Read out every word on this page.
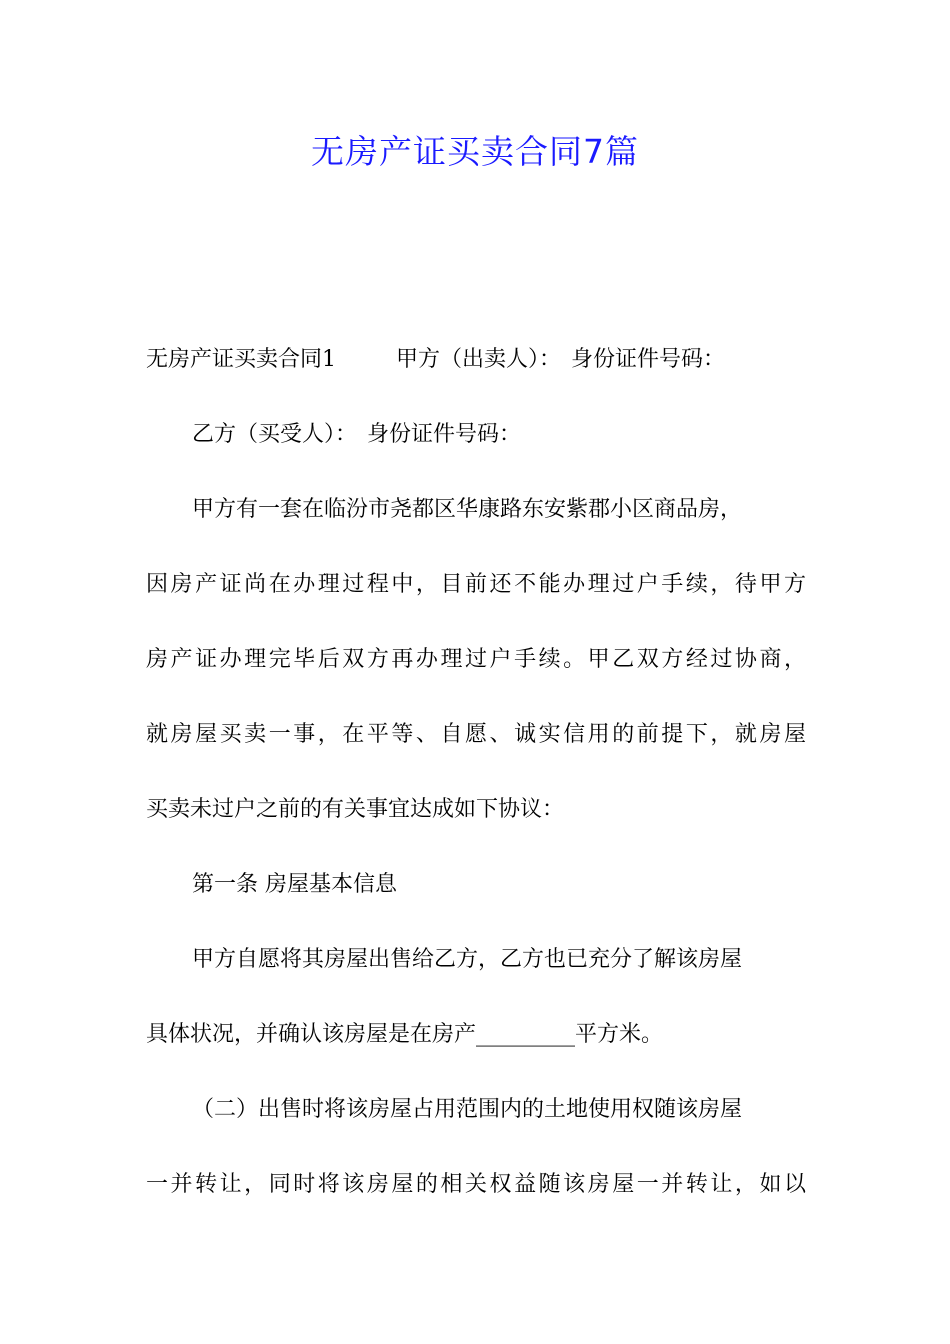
无房产证买卖合同7篇
无房产证买卖合同1	甲方（出卖人）： 身份证件号码：
乙方（买受人）： 身份证件号码：
甲方有一套在临汾市尧都区华康路东安紫郡小区商品房，
因房产证尚在办理过程中，目前还不能办理过户手续，待甲方
房产证办理完毕后双方再办理过户手续。甲乙双方经过协商，
就房屋买卖一事，在平等、自愿、诚实信用的前提下，就房屋
买卖未过户之前的有关事宜达成如下协议：
第一条 房屋基本信息
甲方自愿将其房屋出售给乙方，乙方也已充分了解该房屋
具体状况，并确认该房屋是在房产_________平方米。
（二）出售时将该房屋占用范围内的土地使用权随该房屋
一并转让，同时将该房屋的相关权益随该房屋一并转让，如以
